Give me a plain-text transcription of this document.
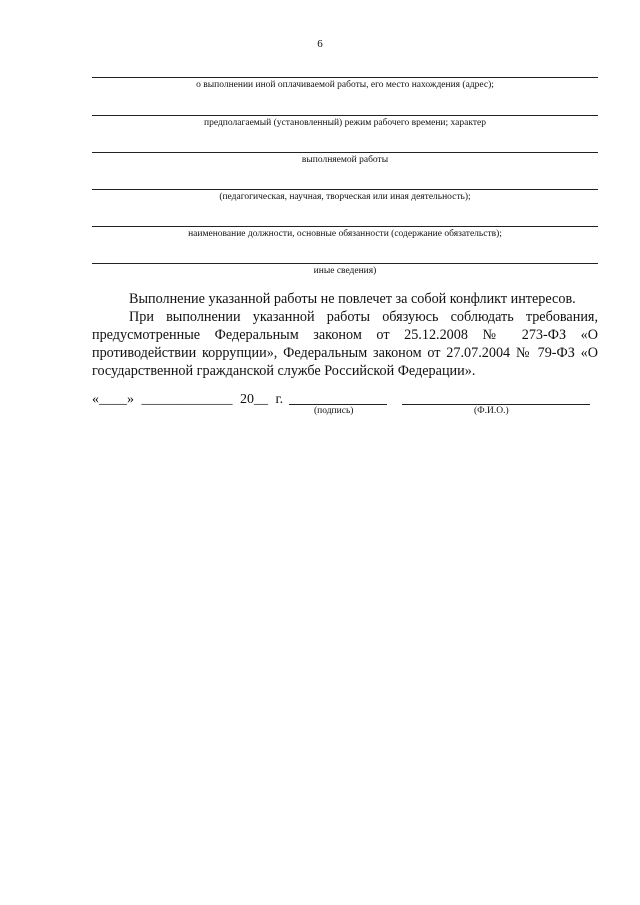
6
о выполнении иной оплачиваемой работы, его место нахождения (адрес);
предполагаемый (установленный) режим рабочего времени; характер
выполняемой работы
(педагогическая, научная, творческая или иная деятельность);
наименование должности, основные обязанности (содержание обязательств);
иные сведения)

Выполнение указанной работы не повлечет за собой конфликт интересов.

При выполнении указанной работы обязуюсь соблюдать требования, предусмотренные Федеральным законом от 25.12.2008 № 273-ФЗ «О противодействии коррупции», Федеральным законом от 27.07.2004 № 79-ФЗ «О государственной гражданской службе Российской Федерации».

«____» _____________ 20__ г.
(подпись)	(Ф.И.О.)
